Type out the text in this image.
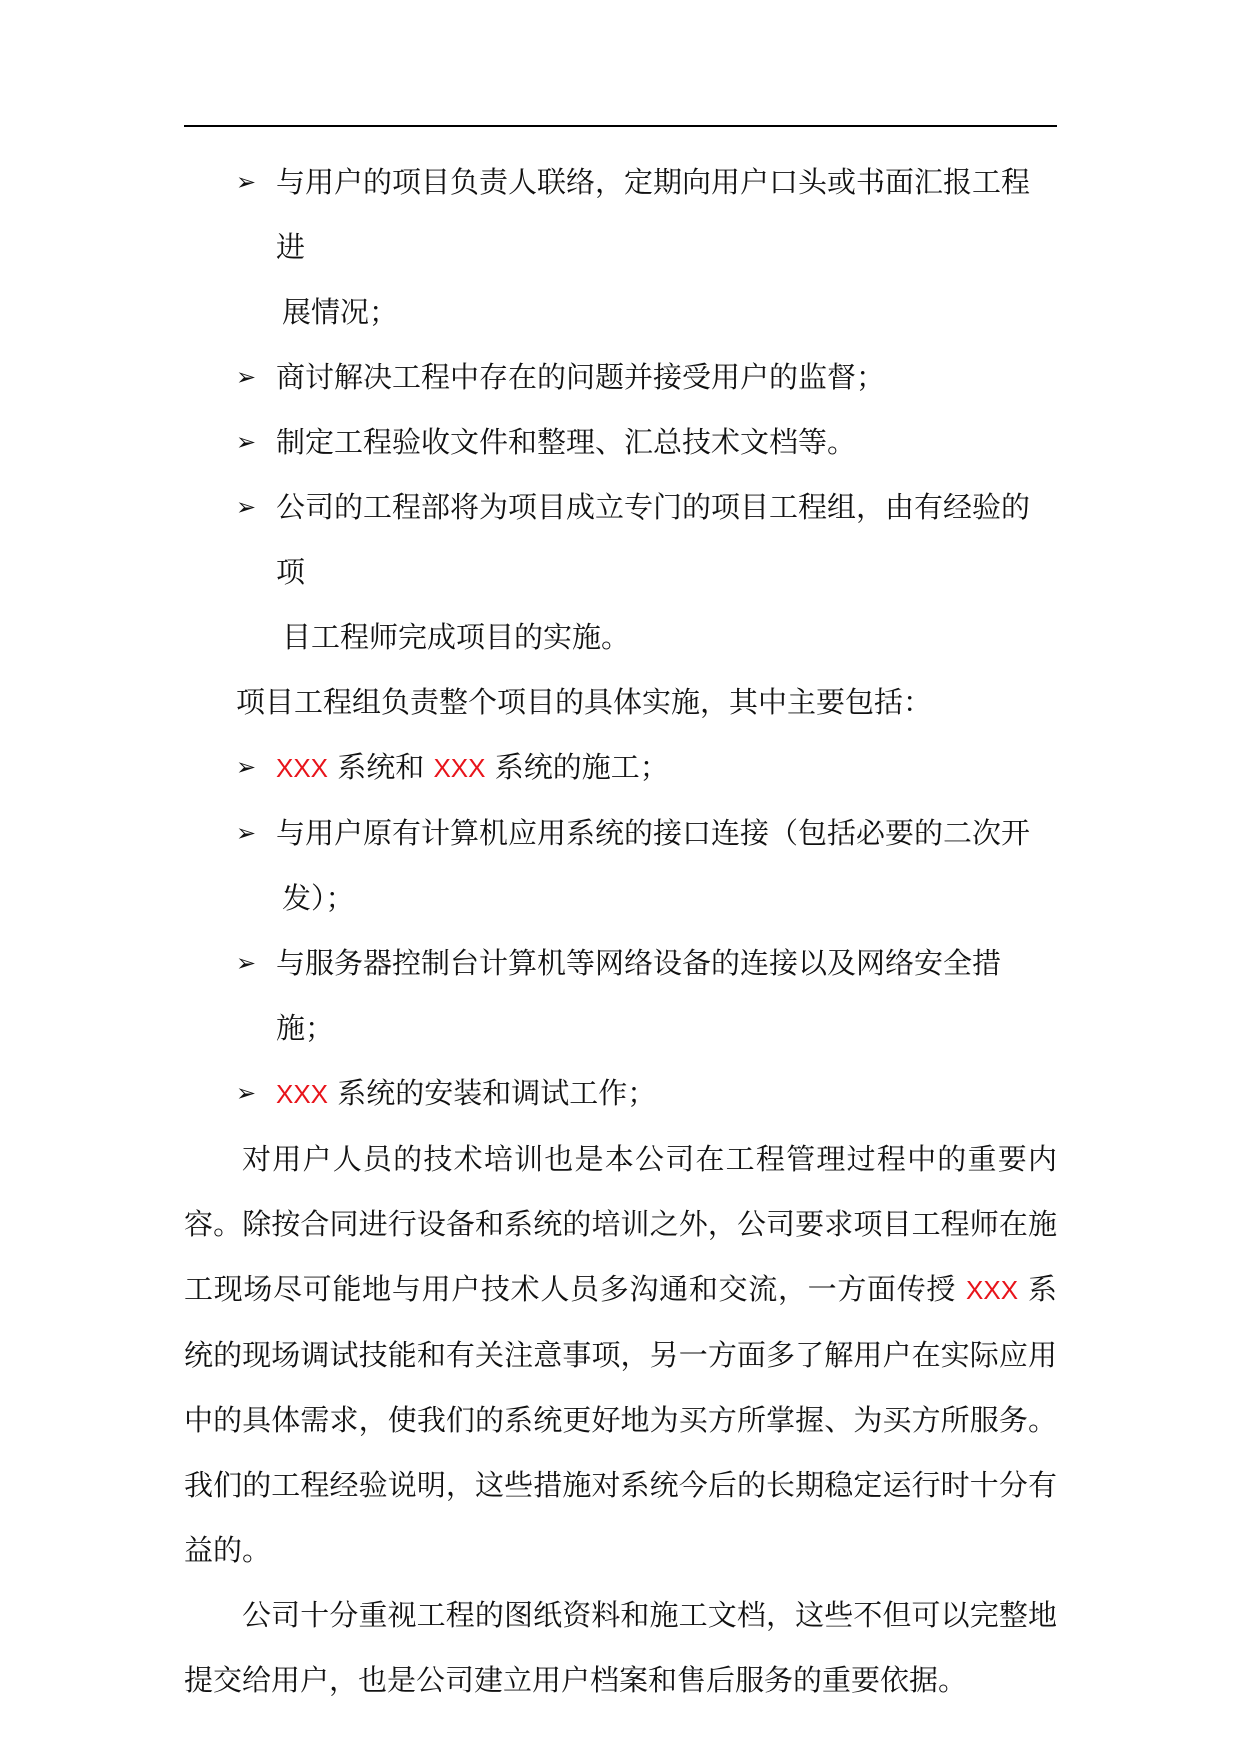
➢ 与用户的项目负责人联络，定期向用户口头或书面汇报工程进
展情况；
➢ 商讨解决工程中存在的问题并接受用户的监督；
➢ 制定工程验收文件和整理、汇总技术文档等。
➢ 公司的工程部将为项目成立专门的项目工程组，由有经验的项
目工程师完成项目的实施。

项目工程组负责整个项目的具体实施，其中主要包括：

➢ XXX 系统和 XXX 系统的施工；
➢ 与用户原有计算机应用系统的接口连接（包括必要的二次开
发）；
➢ 与服务器控制台计算机等网络设备的连接以及网络安全措施；
➢ XXX 系统的安装和调试工作；

对用户人员的技术培训也是本公司在工程管理过程中的重要内容。除按合同进行设备和系统的培训之外，公司要求项目工程师在施工现场尽可能地与用户技术人员多沟通和交流，一方面传授 XXX 系统的现场调试技能和有关注意事项，另一方面多了解用户在实际应用中的具体需求，使我们的系统更好地为买方所掌握、为买方所服务。我们的工程经验说明，这些措施对系统今后的长期稳定运行时十分有益的。

公司十分重视工程的图纸资料和施工文档，这些不但可以完整地提交给用户，也是公司建立用户档案和售后服务的重要依据。
